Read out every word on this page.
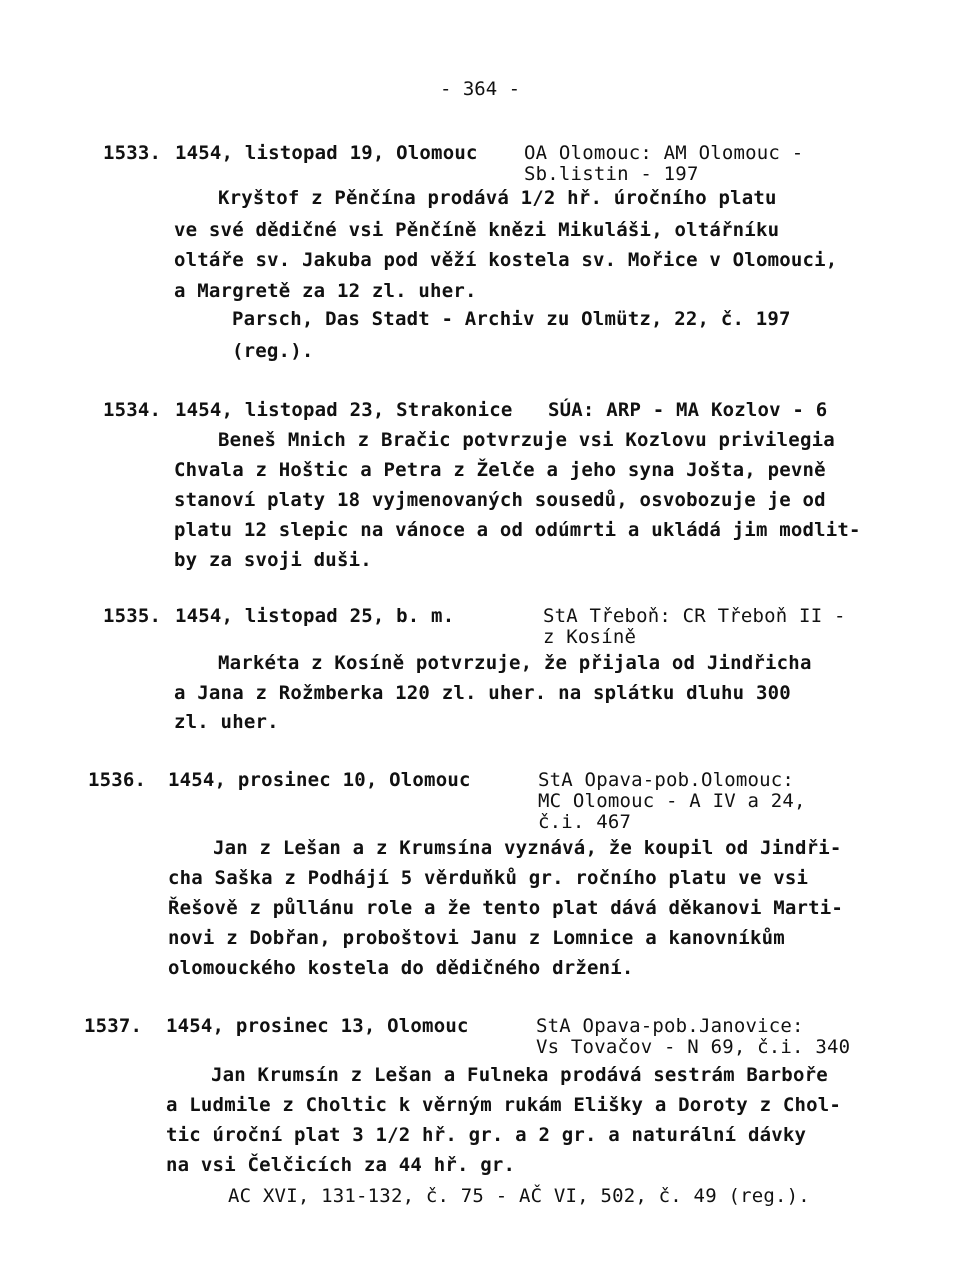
- 364 -
1533. 1454, listopad 19, Olomouc OA Olomouc: AM Olomouc -
Sb.listin - 197
Kryštof z Pěnčína prodává 1/2 hř. úročního platu
ve své dědičné vsi Pěnčíně knězi Mikuláši, oltářníku
oltáře sv. Jakuba pod věží kostela sv. Mořice v Olomouci,
a Margretě za 12 zl. uher.
Parsch, Das Stadt - Archiv zu Olmütz, 22, č. 197
(reg.).
1534. 1454, listopad 23, Strakonice SÚA: ARP - MA Kozlov - 6
Beneš Mnich z Bračic potvrzuje vsi Kozlovu privilegia
Chvala z Hoštic a Petra z Želče a jeho syna Jošta, pevně
stanoví platy 18 vyjmenovaných sousedů, osvobozuje je od
platu 12 slepic na vánoce a od odúmrti a ukládá jim modlit-
by za svoji duši.
1535. 1454, listopad 25, b. m.	StA Třeboň: CR Třeboň II -
z Kosíně
Markéta z Kosíně potvrzuje, že přijala od Jindřicha
a Jana z Rožmberka 120 zl. uher. na splátku dluhu 300
zl. uher.
1536. 1454, prosinec 10, Olomouc	StA Opava-pob.Olomouc:
MC Olomouc - A IV a 24,
č.i. 467
Jan z Lešan a z Krumsína vyznává, že koupil od Jindři-
cha Saška z Podhájí 5 věrduňků gr. ročního platu ve vsi
Řešově z půllánu role a že tento plat dává děkanovi Marti-
novi z Dobřan, proboštovi Janu z Lomnice a kanovníkům
olomouckého kostela do dědičného držení.
1537. 1454, prosinec 13, Olomouc	StA Opava-pob.Janovice:
Vs Tovačov - N 69, č.i. 340
Jan Krumsín z Lešan a Fulneka prodává sestrám Barboře
a Ludmile z Choltic k věrným rukám Elišky a Doroty z Chol-
tic úroční plat 3 1/2 hř. gr. a 2 gr. a naturální dávky
na vsi Čelčicích za 44 hř. gr.
AC XVI, 131-132, č. 75 - AČ VI, 502, č. 49 (reg.).
